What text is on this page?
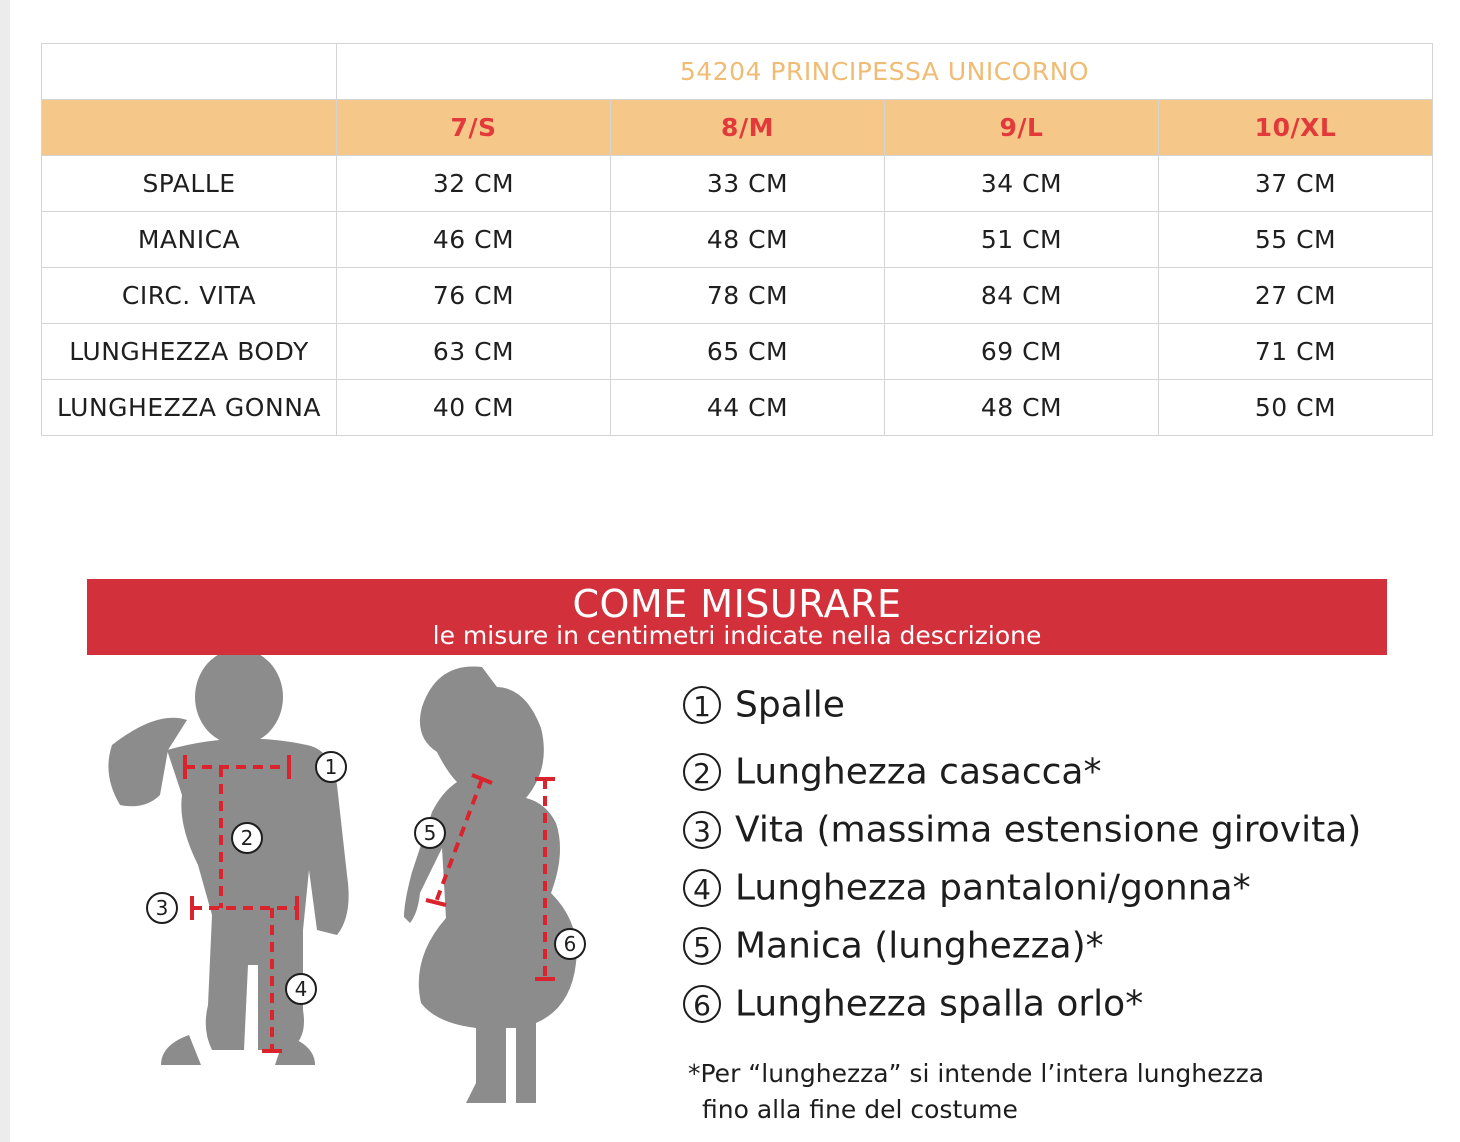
	54204 PRINCIPESSA UNICORNO			
	7/S	8/M	9/L	10/XL
SPALLE	32 CM	33 CM	34 CM	37 CM
MANICA	46 CM	48 CM	51 CM	55 CM
CIRC. VITA	76 CM	78 CM	84 CM	27 CM
LUNGHEZZA BODY	63 CM	65 CM	69 CM	71 CM
LUNGHEZZA GONNA	40 CM	44 CM	48 CM	50 CM
COME MISURARE
le misure in centimetri indicate nella descrizione
1
2
3
4
5
6
1 Spalle
2 Lunghezza casacca*
3 Vita (massima estensione girovita)
4 Lunghezza pantaloni/gonna*
5 Manica (lunghezza)*
6 Lunghezza spalla orlo*
*Per “lunghezza” si intende l’intera lunghezza
fino alla fine del costume
